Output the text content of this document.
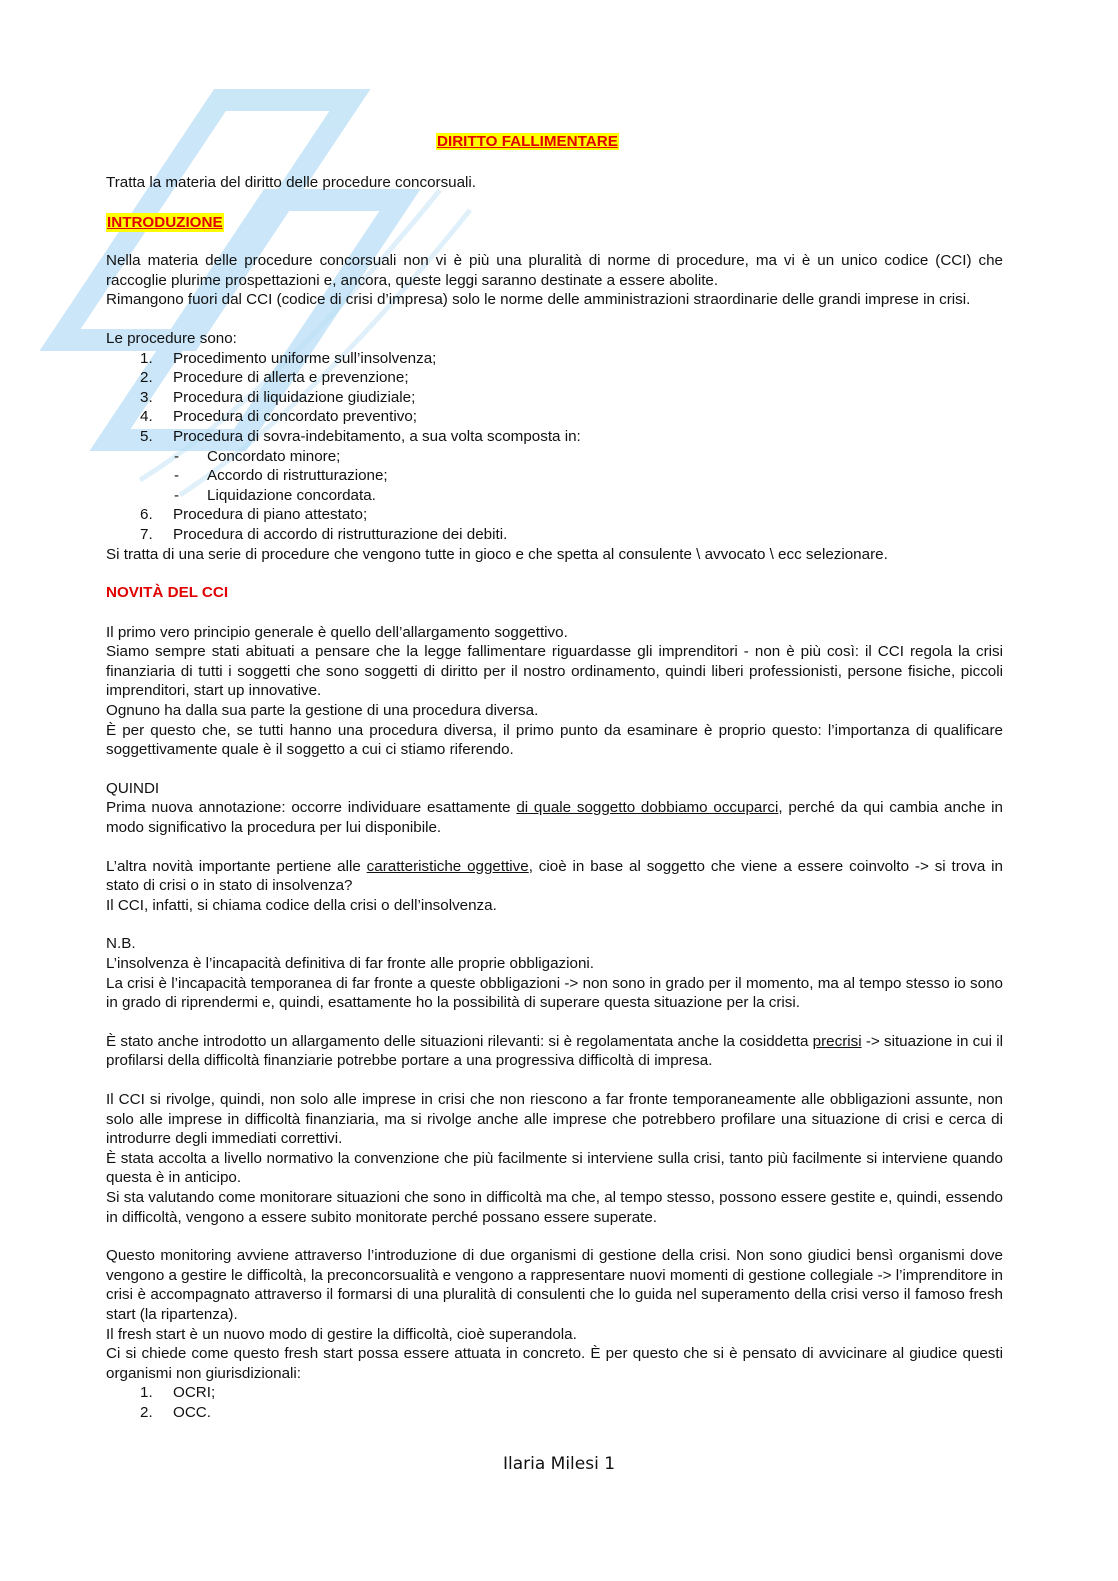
DIRITTO FALLIMENTARE

Tratta la materia del diritto delle procedure concorsuali.

INTRODUZIONE

Nella materia delle procedure concorsuali non vi è più una pluralità di norme di procedure, ma vi è un unico codice (CCI) che raccoglie plurime prospettazioni e, ancora, queste leggi saranno destinate a essere abolite.

Rimangono fuori dal CCI (codice di crisi d’impresa) solo le norme delle amministrazioni straordinarie delle grandi imprese in crisi.

Le procedure sono:

1. Procedimento uniforme sull’insolvenza;
2. Procedure di allerta e prevenzione;
3. Procedura di liquidazione giudiziale;
4. Procedura di concordato preventivo;
5. Procedura di sovra-indebitamento, a sua volta scomposta in:
- Concordato minore;
- Accordo di ristrutturazione;
- Liquidazione concordata.
6. Procedura di piano attestato;
7. Procedura di accordo di ristrutturazione dei debiti.

Si tratta di una serie di procedure che vengono tutte in gioco e che spetta al consulente \ avvocato \ ecc selezionare.

NOVITÀ DEL CCI

Il primo vero principio generale è quello dell’allargamento soggettivo.

Siamo sempre stati abituati a pensare che la legge fallimentare riguardasse gli imprenditori - non è più così: il CCI regola la crisi finanziaria di tutti i soggetti che sono soggetti di diritto per il nostro ordinamento, quindi liberi professionisti, persone fisiche, piccoli imprenditori, start up innovative.

Ognuno ha dalla sua parte la gestione di una procedura diversa.

È per questo che, se tutti hanno una procedura diversa, il primo punto da esaminare è proprio questo: l’importanza di qualificare soggettivamente quale è il soggetto a cui ci stiamo riferendo.

QUINDI

Prima nuova annotazione: occorre individuare esattamente di quale soggetto dobbiamo occuparci, perché da qui cambia anche in modo significativo la procedura per lui disponibile.

L’altra novità importante pertiene alle caratteristiche oggettive, cioè in base al soggetto che viene a essere coinvolto -> si trova in stato di crisi o in stato di insolvenza?

Il CCI, infatti, si chiama codice della crisi o dell’insolvenza.

N.B.

L’insolvenza è l’incapacità definitiva di far fronte alle proprie obbligazioni.

La crisi è l’incapacità temporanea di far fronte a queste obbligazioni -> non sono in grado per il momento, ma al tempo stesso io sono in grado di riprendermi e, quindi, esattamente ho la possibilità di superare questa situazione per la crisi.

È stato anche introdotto un allargamento delle situazioni rilevanti: si è regolamentata anche la cosiddetta precrisi -> situazione in cui il profilarsi della difficoltà finanziarie potrebbe portare a una progressiva difficoltà di impresa.

Il CCI si rivolge, quindi, non solo alle imprese in crisi che non riescono a far fronte temporaneamente alle obbligazioni assunte, non solo alle imprese in difficoltà finanziaria, ma si rivolge anche alle imprese che potrebbero profilare una situazione di crisi e cerca di introdurre degli immediati correttivi.

È stata accolta a livello normativo la convenzione che più facilmente si interviene sulla crisi, tanto più facilmente si interviene quando questa è in anticipo.

Si sta valutando come monitorare situazioni che sono in difficoltà ma che, al tempo stesso, possono essere gestite e, quindi, essendo in difficoltà, vengono a essere subito monitorate perché possano essere superate.

Questo monitoring avviene attraverso l’introduzione di due organismi di gestione della crisi. Non sono giudici bensì organismi dove vengono a gestire le difficoltà, la preconcorsualità e vengono a rappresentare nuovi momenti di gestione collegiale -> l’imprenditore in crisi è accompagnato attraverso il formarsi di una pluralità di consulenti che lo guida nel superamento della crisi verso il famoso fresh start (la ripartenza).

Il fresh start è un nuovo modo di gestire la difficoltà, cioè superandola.

Ci si chiede come questo fresh start possa essere attuata in concreto. È per questo che si è pensato di avvicinare al giudice questi organismi non giurisdizionali:

1. OCRI;
2. OCC.
Ilaria Milesi 1
